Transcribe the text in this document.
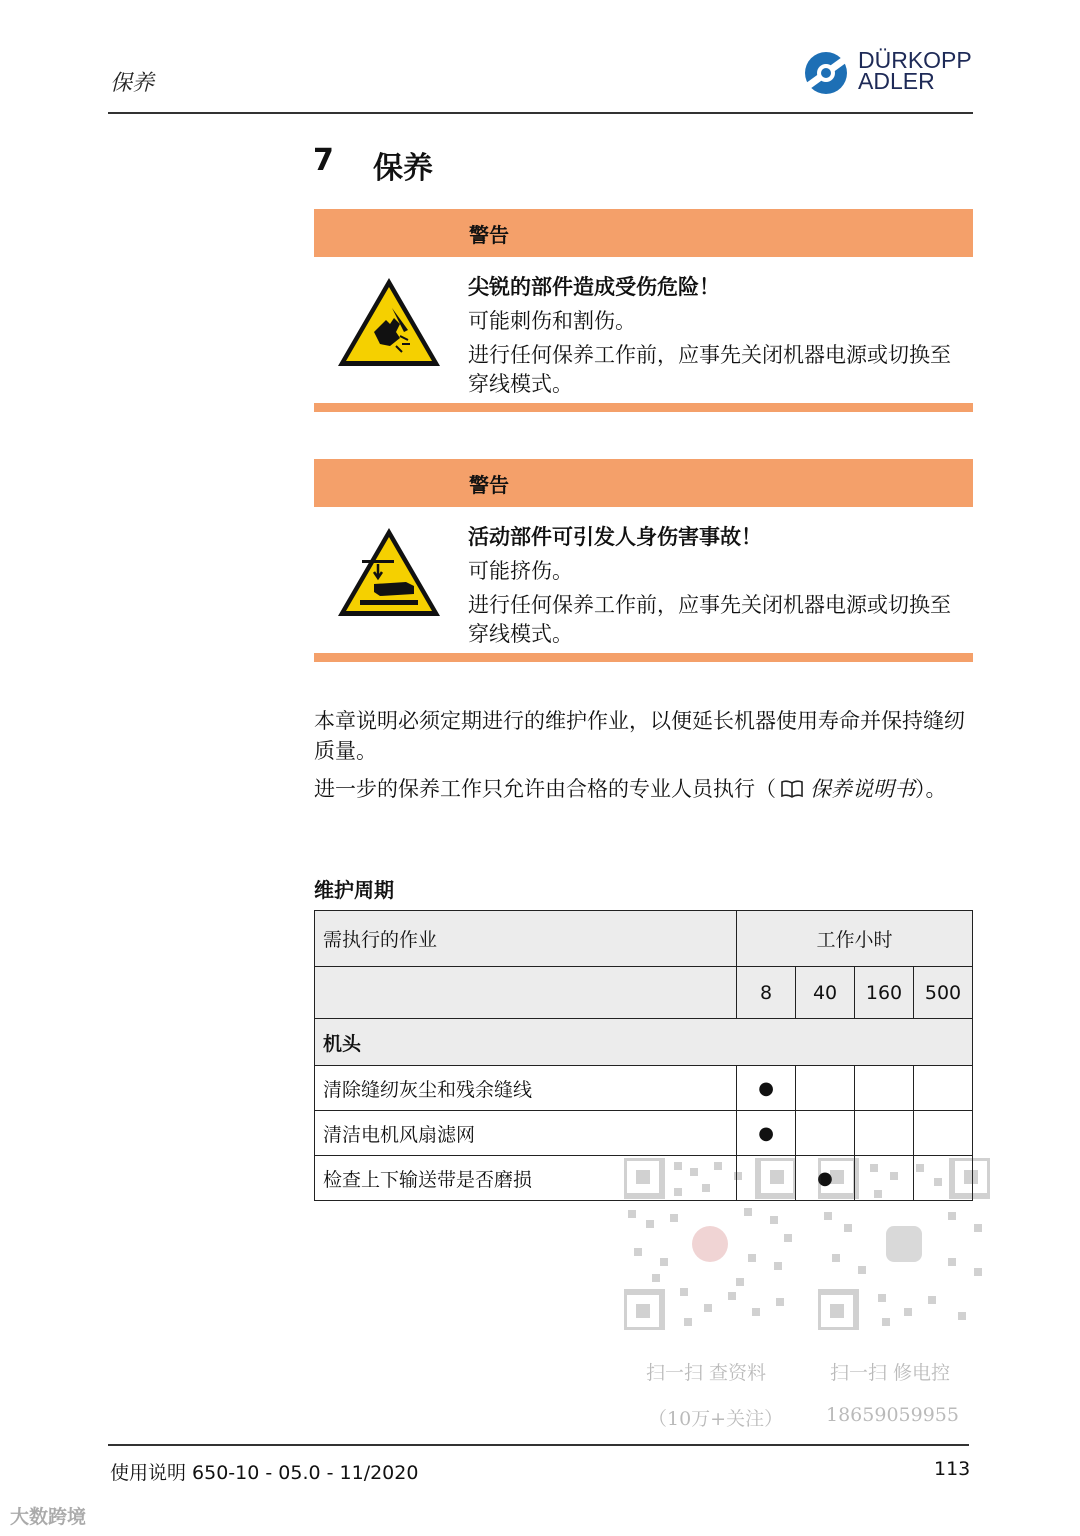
保养
DÜRKOPP
ADLER
7 保养
警告
尖锐的部件造成受伤危险！
可能刺伤和割伤。
进行任何保养工作前，应事先关闭机器电源或切换至穿线模式。
警告
活动部件可引发人身伤害事故！
可能挤伤。
进行任何保养工作前，应事先关闭机器电源或切换至穿线模式。
本章说明必须定期进行的维护作业，以便延长机器使用寿命并保持缝纫质量。
进一步的保养工作只允许由合格的专业人员执行（ 保养说明书）。
维护周期
需执行的作业	工作小时			
	8	40	160	500
机头				
清除缝纫灰尘和残余缝线	●			
清洁电机风扇滤网	●			
检查上下输送带是否磨损		●		
扫一扫 查资料
（10万+关注）
扫一扫 修电控
18659059955
使用说明 650-10 - 05.0 - 11/2020	113
大数跨境
